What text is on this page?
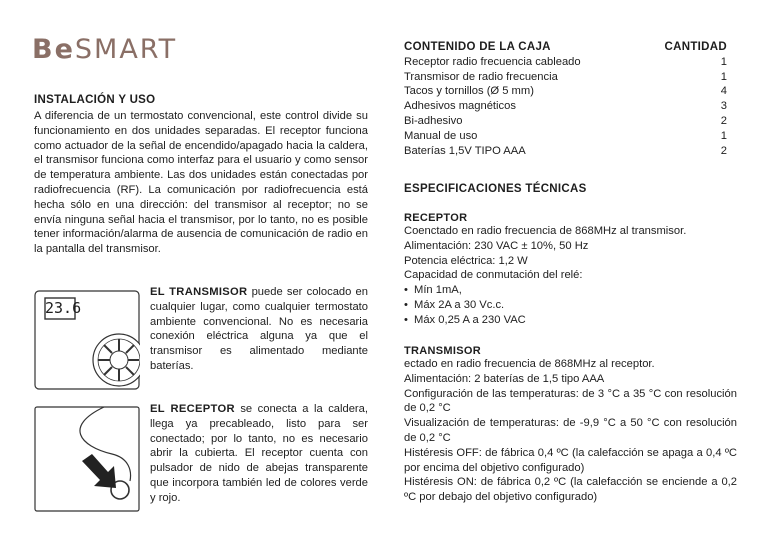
BeSMART
INSTALACIÓN Y USO
A diferencia de un termostato convencional, este control divide su funcionamiento en dos unidades separadas. El receptor funciona como actuador de la señal de encendido/apagado hacia la caldera, el transmisor funciona como interfaz para el usuario y como sensor de temperatura ambiente. Las dos unidades están conectadas por radiofrecuencia (RF). La comunicación por radiofrecuencia está hecha sólo en una dirección: del transmisor al receptor; no se envía ninguna señal hacia el transmisor, por lo tanto, no es posible tener información/alarma de ausencia de comunicación de radio en la pantalla del transmisor.
23.6
EL TRANSMISOR puede ser colocado en cualquier lugar, como cualquier termostato ambiente convencional. No es necesaria conexión eléctrica alguna ya que el transmisor es alimentado mediante baterías.
EL RECEPTOR se conecta a la caldera, llega ya precableado, listo para ser conectado; por lo tanto, no es necesario abrir la cubierta. El receptor cuenta con pulsador de nido de abejas transparente que incorpora también led de colores verde y rojo.
CONTENIDO DE LA CAJA	CANTIDAD
Receptor radio frecuencia cableado	1
Transmisor de radio frecuencia	1
Tacos y tornillos (Ø 5 mm)	4
Adhesivos magnéticos	3
Bi-adhesivo	2
Manual de uso	1
Baterías 1,5V TIPO AAA	2
ESPECIFICACIONES TÉCNICAS
RECEPTOR
Coenctado en radio frecuencia de 868MHz al transmisor.
Alimentación: 230 VAC ± 10%, 50 Hz
Potencia eléctrica: 1,2 W
Capacidad de conmutación del relé:
• Mín 1mA,
• Máx 2A a 30 Vc.c.
• Máx 0,25 A a 230 VAC
TRANSMISOR
ectado en radio frecuencia de 868MHz al receptor.
Alimentación: 2 baterías de 1,5 tipo AAA
Configuración de las temperaturas: de 3 °C a 35 °C con resolución de 0,2 °C
Visualización de temperaturas: de -9,9 °C a 50 °C con resolución de 0,2 °C
Histéresis OFF: de fábrica 0,4 ºC (la calefacción se apaga a 0,4 ºC por encima del objetivo configurado)
Histéresis ON: de fábrica 0,2 ºC (la calefacción se enciende a 0,2 ºC por debajo del objetivo configurado)
